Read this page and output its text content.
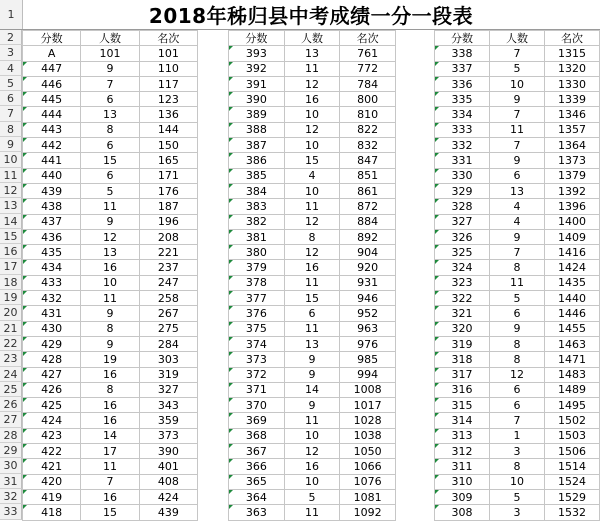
1	2018年秭归县中考成绩一分一段表
2
3
4
5
6
7
8
9
10
11
12
13
14
15
16
17
18
19
20
21
22
23
24
25
26
27
28
29
30
31
32
33
分数	人数	名次
A	101	101
447	9	110
446	7	117
445	6	123
444	13	136
443	8	144
442	6	150
441	15	165
440	6	171
439	5	176
438	11	187
437	9	196
436	12	208
435	13	221
434	16	237
433	10	247
432	11	258
431	9	267
430	8	275
429	9	284
428	19	303
427	16	319
426	8	327
425	16	343
424	16	359
423	14	373
422	17	390
421	11	401
420	7	408
419	16	424
418	15	439
分数	人数	名次
393	13	761
392	11	772
391	12	784
390	16	800
389	10	810
388	12	822
387	10	832
386	15	847
385	4	851
384	10	861
383	11	872
382	12	884
381	8	892
380	12	904
379	16	920
378	11	931
377	15	946
376	6	952
375	11	963
374	13	976
373	9	985
372	9	994
371	14	1008
370	9	1017
369	11	1028
368	10	1038
367	12	1050
366	16	1066
365	10	1076
364	5	1081
363	11	1092
分数	人数	名次
338	7	1315
337	5	1320
336	10	1330
335	9	1339
334	7	1346
333	11	1357
332	7	1364
331	9	1373
330	6	1379
329	13	1392
328	4	1396
327	4	1400
326	9	1409
325	7	1416
324	8	1424
323	11	1435
322	5	1440
321	6	1446
320	9	1455
319	8	1463
318	8	1471
317	12	1483
316	6	1489
315	6	1495
314	7	1502
313	1	1503
312	3	1506
311	8	1514
310	10	1524
309	5	1529
308	3	1532
